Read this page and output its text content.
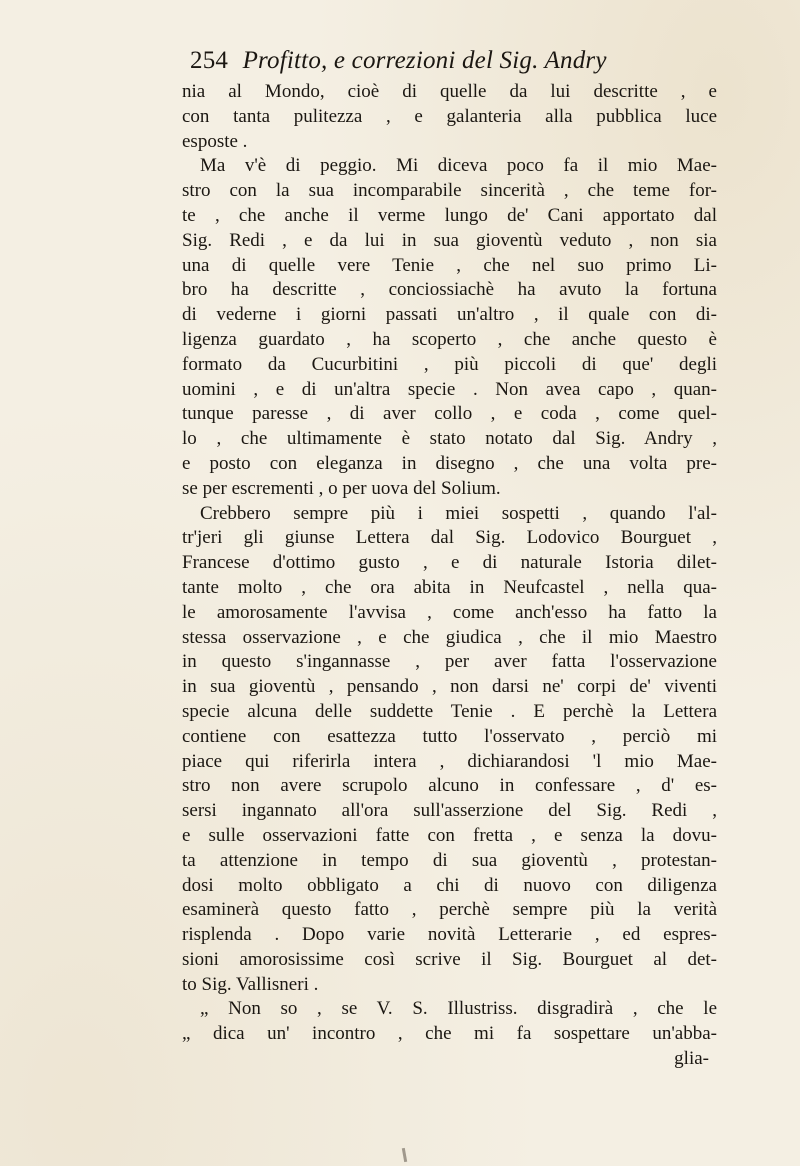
254 Profitto, e correzioni del Sig. Andry
nia al Mondo, cioè di quelle da lui descritte , e
con tanta pulitezza , e galanteria alla pubblica luce
esposte .
Ma v'è di peggio. Mi diceva poco fa il mio Mae-
stro con la sua incomparabile sincerità , che teme for-
te , che anche il verme lungo de' Cani apportato dal
Sig. Redi , e da lui in sua gioventù veduto , non sia
una di quelle vere Tenie , che nel suo primo Li-
bro ha descritte , conciossiachè ha avuto la fortuna
di vederne i giorni passati un'altro , il quale con di-
ligenza guardato , ha scoperto , che anche questo è
formato da Cucurbitini , più piccoli di que' degli
uomini , e di un'altra specie . Non avea capo , quan-
tunque paresse , di aver collo , e coda , come quel-
lo , che ultimamente è stato notato dal Sig. Andry ,
e posto con eleganza in disegno , che una volta pre-
se per escrementi , o per uova del Solium.
Crebbero sempre più i miei sospetti , quando l'al-
tr'jeri gli giunse Lettera dal Sig. Lodovico Bourguet ,
Francese d'ottimo gusto , e di naturale Istoria dilet-
tante molto , che ora abita in Neufcastel , nella qua-
le amorosamente l'avvisa , come anch'esso ha fatto la
stessa osservazione , e che giudica , che il mio Maestro
in questo s'ingannasse , per aver fatta l'osservazione
in sua gioventù , pensando , non darsi ne' corpi de' viventi
specie alcuna delle suddette Tenie . E perchè la Lettera
contiene con esattezza tutto l'osservato , perciò mi
piace qui riferirla intera , dichiarandosi 'l mio Mae-
stro non avere scrupolo alcuno in confessare , d' es-
sersi ingannato all'ora sull'asserzione del Sig. Redi ,
e sulle osservazioni fatte con fretta , e senza la dovu-
ta attenzione in tempo di sua gioventù , protestan-
dosi molto obbligato a chi di nuovo con diligenza
esaminerà questo fatto , perchè sempre più la verità
risplenda . Dopo varie novità Letterarie , ed espres-
sioni amorosissime così scrive il Sig. Bourguet al det-
to Sig. Vallisneri .
„ Non so , se V. S. Illustriss. disgradirà , che le
„ dica un' incontro , che mi fa sospettare un'abba-
glia-
